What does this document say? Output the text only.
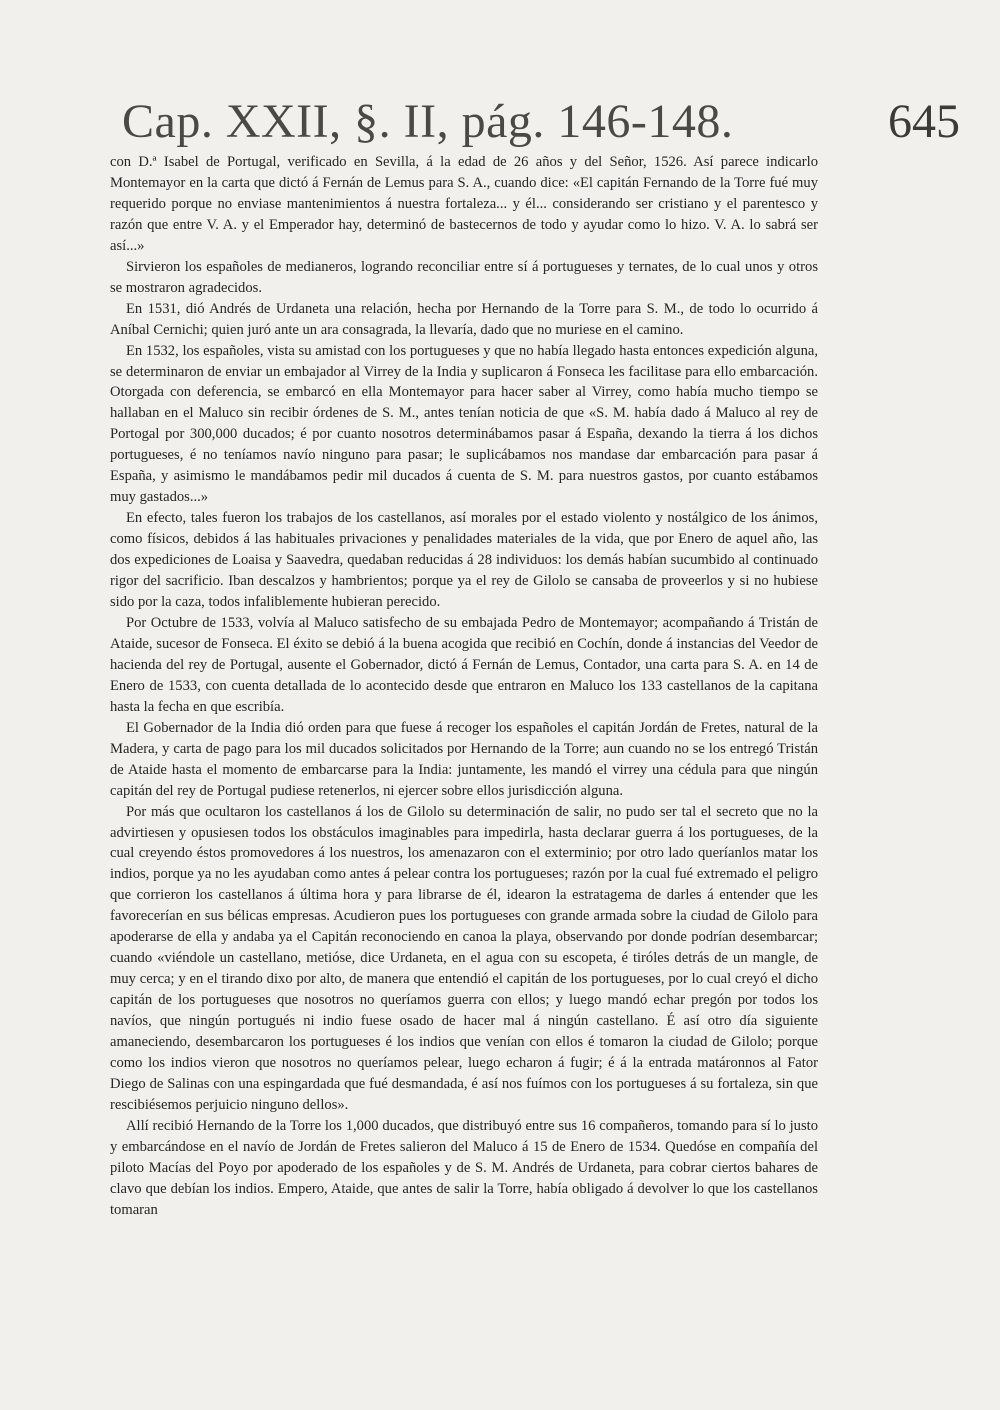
Cap. XXII, §. II, pág. 146-148.	645

con D.ª Isabel de Portugal, verificado en Sevilla, á la edad de 26 años y del Señor, 1526. Así parece indicarlo Montemayor en la carta que dictó á Fernán de Lemus para S. A., cuando dice: «El capitán Fernando de la Torre fué muy requerido porque no enviase mantenimientos á nuestra fortaleza... y él... considerando ser cristiano y el parentesco y razón que entre V. A. y el Emperador hay, determinó de bastecernos de todo y ayudar como lo hizo. V. A. lo sabrá ser así...»

Sirvieron los españoles de medianeros, logrando reconciliar entre sí á portugueses y ternates, de lo cual unos y otros se mostraron agradecidos.

En 1531, dió Andrés de Urdaneta una relación, hecha por Hernando de la Torre para S. M., de todo lo ocurrido á Aníbal Cernichi; quien juró ante un ara consagrada, la llevaría, dado que no muriese en el camino.

En 1532, los españoles, vista su amistad con los portugueses y que no había llegado hasta entonces expedición alguna, se determinaron de enviar un embajador al Virrey de la India y suplicaron á Fonseca les facilitase para ello embarcación. Otorgada con deferencia, se embarcó en ella Montemayor para hacer saber al Virrey, como había mucho tiempo se hallaban en el Maluco sin recibir órdenes de S. M., antes tenían noticia de que «S. M. había dado á Maluco al rey de Portogal por 300,000 ducados; é por cuanto nosotros determinábamos pasar á España, dexando la tierra á los dichos portugueses, é no teníamos navío ninguno para pasar; le suplicábamos nos mandase dar embarcación para pasar á España, y asimismo le mandábamos pedir mil ducados á cuenta de S. M. para nuestros gastos, por cuanto estábamos muy gastados...»

En efecto, tales fueron los trabajos de los castellanos, así morales por el estado violento y nostálgico de los ánimos, como físicos, debidos á las habituales privaciones y penalidades materiales de la vida, que por Enero de aquel año, las dos expediciones de Loaisa y Saavedra, quedaban reducidas á 28 individuos: los demás habían sucumbido al continuado rigor del sacrificio. Iban descalzos y hambrientos; porque ya el rey de Gilolo se cansaba de proveerlos y si no hubiese sido por la caza, todos infaliblemente hubieran perecido.

Por Octubre de 1533, volvía al Maluco satisfecho de su embajada Pedro de Montemayor; acompañando á Tristán de Ataide, sucesor de Fonseca. El éxito se debió á la buena acogida que recibió en Cochín, donde á instancias del Veedor de hacienda del rey de Portugal, ausente el Gobernador, dictó á Fernán de Lemus, Contador, una carta para S. A. en 14 de Enero de 1533, con cuenta detallada de lo acontecido desde que entraron en Maluco los 133 castellanos de la capitana hasta la fecha en que escribía.

El Gobernador de la India dió orden para que fuese á recoger los españoles el capitán Jordán de Fretes, natural de la Madera, y carta de pago para los mil ducados solicitados por Hernando de la Torre; aun cuando no se los entregó Tristán de Ataide hasta el momento de embarcarse para la India: juntamente, les mandó el virrey una cédula para que ningún capitán del rey de Portugal pudiese retenerlos, ni ejercer sobre ellos jurisdicción alguna.

Por más que ocultaron los castellanos á los de Gilolo su determinación de salir, no pudo ser tal el secreto que no la advirtiesen y opusiesen todos los obstáculos imaginables para impedirla, hasta declarar guerra á los portugueses, de la cual creyendo éstos promovedores á los nuestros, los amenazaron con el exterminio; por otro lado queríanlos matar los indios, porque ya no les ayudaban como antes á pelear contra los portugueses; razón por la cual fué extremado el peligro que corrieron los castellanos á última hora y para librarse de él, idearon la estratagema de darles á entender que les favorecerían en sus bélicas empresas. Acudieron pues los portugueses con grande armada sobre la ciudad de Gilolo para apoderarse de ella y andaba ya el Capitán reconociendo en canoa la playa, observando por donde podrían desembarcar; cuando «viéndole un castellano, metióse, dice Urdaneta, en el agua con su escopeta, é tiróles detrás de un mangle, de muy cerca; y en el tirando dixo por alto, de manera que entendió el capitán de los portugueses, por lo cual creyó el dicho capitán de los portugueses que nosotros no queríamos guerra con ellos; y luego mandó echar pregón por todos los navíos, que ningún portugués ni indio fuese osado de hacer mal á ningún castellano. É así otro día siguiente amaneciendo, desembarcaron los portugueses é los indios que venían con ellos é tomaron la ciudad de Gilolo; porque como los indios vieron que nosotros no queríamos pelear, luego echaron á fugir; é á la entrada matáronnos al Fator Diego de Salinas con una espingardada que fué desmandada, é así nos fuímos con los portugueses á su fortaleza, sin que rescibiésemos perjuicio ninguno dellos».

Allí recibió Hernando de la Torre los 1,000 ducados, que distribuyó entre sus 16 compañeros, tomando para sí lo justo y embarcándose en el navío de Jordán de Fretes salieron del Maluco á 15 de Enero de 1534. Quedóse en compañía del piloto Macías del Poyo por apoderado de los españoles y de S. M. Andrés de Urdaneta, para cobrar ciertos bahares de clavo que debían los indios. Empero, Ataide, que antes de salir la Torre, había obligado á devolver lo que los castellanos tomaran
